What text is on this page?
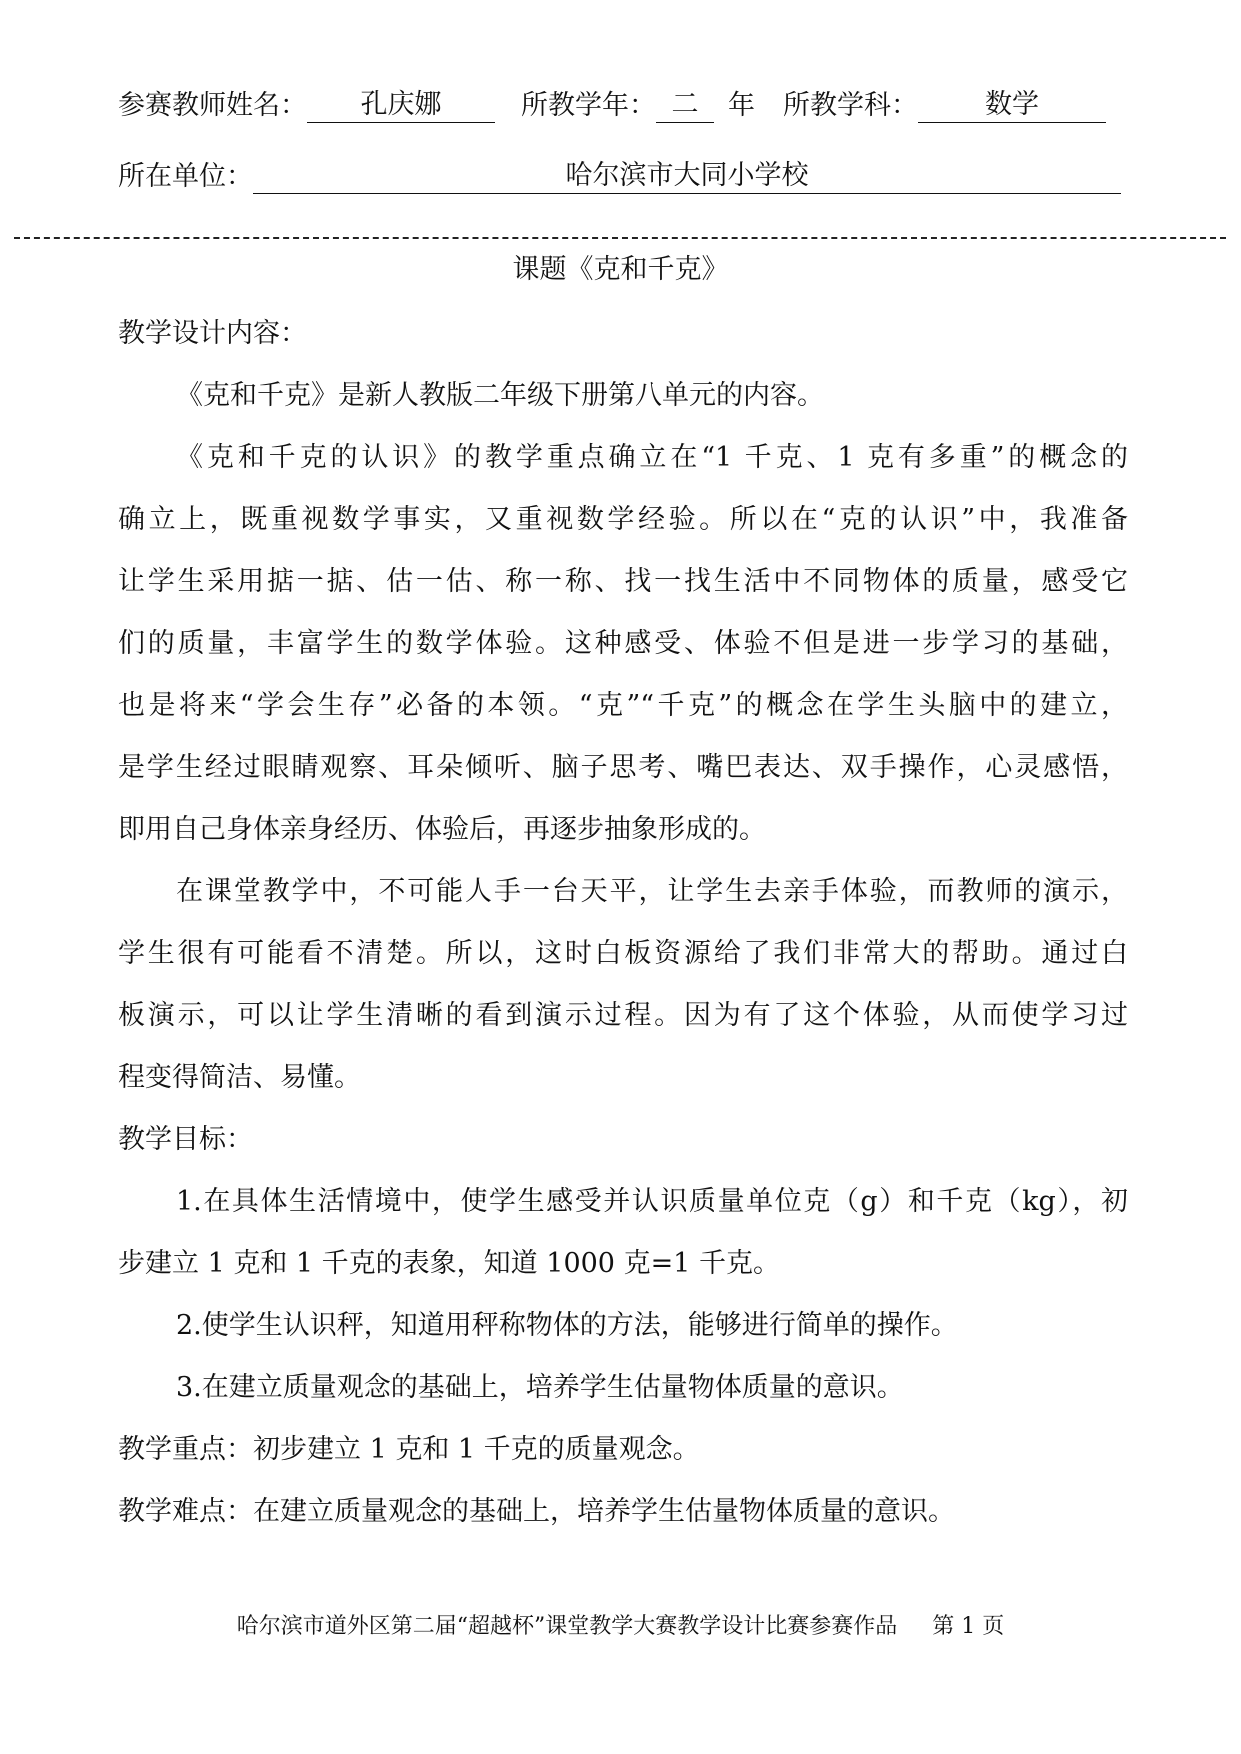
参赛教师姓名：	孔庆娜	所教学年： 二	年 所教学科：	数学
所在单位：	哈尔滨市大同小学校
课题《克和千克》
教学设计内容：
《克和千克》是新人教版二年级下册第八单元的内容。
《克和千克的认识》的教学重点确立在“1 千克、1 克有多重”的概念的
确立上，既重视数学事实，又重视数学经验。所以在“克的认识”中，我准备
让学生采用掂一掂、估一估、称一称、找一找生活中不同物体的质量，感受它
们的质量，丰富学生的数学体验。这种感受、体验不但是进一步学习的基础，
也是将来“学会生存”必备的本领。“克”“千克”的概念在学生头脑中的建立，
是学生经过眼睛观察、耳朵倾听、脑子思考、嘴巴表达、双手操作，心灵感悟，
即用自己身体亲身经历、体验后，再逐步抽象形成的。
在课堂教学中，不可能人手一台天平，让学生去亲手体验，而教师的演示，
学生很有可能看不清楚。所以，这时白板资源给了我们非常大的帮助。通过白
板演示，可以让学生清晰的看到演示过程。因为有了这个体验，从而使学习过
程变得简洁、易懂。
教学目标：
1.在具体生活情境中，使学生感受并认识质量单位克（g）和千克（kg），初
步建立 1 克和 1 千克的表象，知道 1000 克=1 千克。
2.使学生认识秤，知道用秤称物体的方法，能够进行简单的操作。
3.在建立质量观念的基础上，培养学生估量物体质量的意识。
教学重点：初步建立 1 克和 1 千克的质量观念。
教学难点：在建立质量观念的基础上，培养学生估量物体质量的意识。
哈尔滨市道外区第二届“超越杯”课堂教学大赛教学设计比赛参赛作品 第 1 页
